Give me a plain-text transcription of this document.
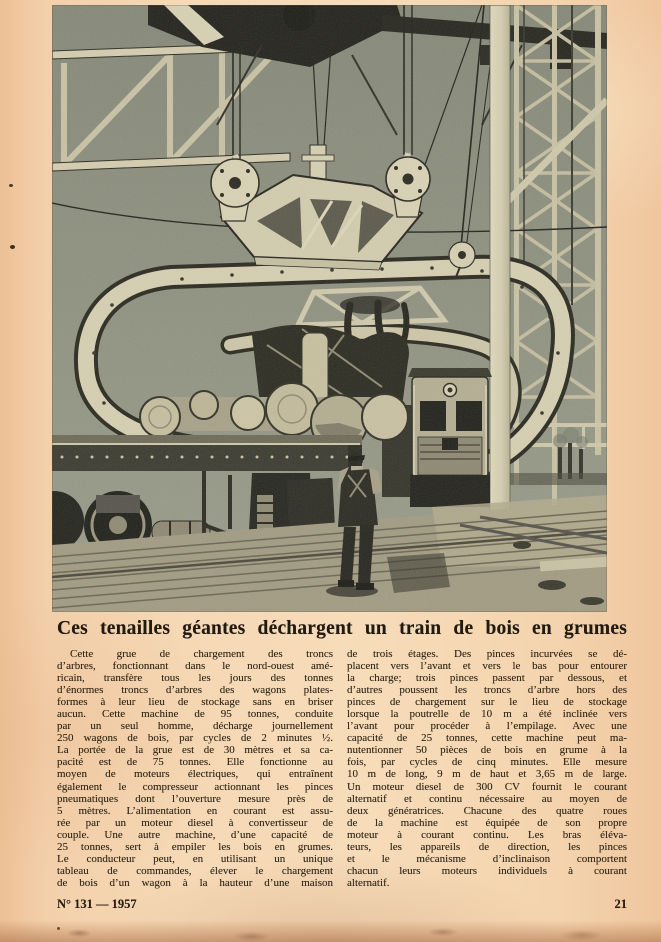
Ces tenailles géantes déchargent un train de bois en grumes
Cette grue de chargement des troncs
d’arbres, fonctionnant dans le nord-ouest amé-
ricain, transfère tous les jours des tonnes
d’énormes troncs d’arbres des wagons plates-
formes à leur lieu de stockage sans en briser
aucun. Cette machine de 95 tonnes, conduite
par un seul homme, décharge journellement
250 wagons de bois, par cycles de 2 minutes ½.
La portée de la grue est de 30 mètres et sa ca-
pacité est de 75 tonnes. Elle fonctionne au
moyen de moteurs électriques, qui entraînent
également le compresseur actionnant les pinces
pneumatiques dont l’ouverture mesure près de
5 mètres. L’alimentation en courant est assu-
rée par un moteur diesel à convertisseur de
couple. Une autre machine, d’une capacité de
25 tonnes, sert à empiler les bois en grumes.
Le conducteur peut, en utilisant un unique
tableau de commandes, élever le chargement
de bois d’un wagon à la hauteur d’une maison
de trois étages. Des pinces incurvées se dé-
placent vers l’avant et vers le bas pour entourer
la charge; trois pinces passent par dessous, et
d’autres poussent les troncs d’arbre hors des
pinces de chargement sur le lieu de stockage
lorsque la poutrelle de 10 m a été inclinée vers
l’avant pour procéder à l’empilage. Avec une
capacité de 25 tonnes, cette machine peut ma-
nutentionner 50 pièces de bois en grume à la
fois, par cycles de cinq minutes. Elle mesure
10 m de long, 9 m de haut et 3,65 m de large.
Un moteur diesel de 300 CV fournit le courant
alternatif et continu nécessaire au moyen de
deux génératrices. Chacune des quatre roues
de la machine est équipée de son propre
moteur à courant continu. Les bras éléva-
teurs, les appareils de direction, les pinces
et le mécanisme d’inclinaison comportent
chacun leurs moteurs individuels à courant
alternatif.
N° 131 — 1957	21
